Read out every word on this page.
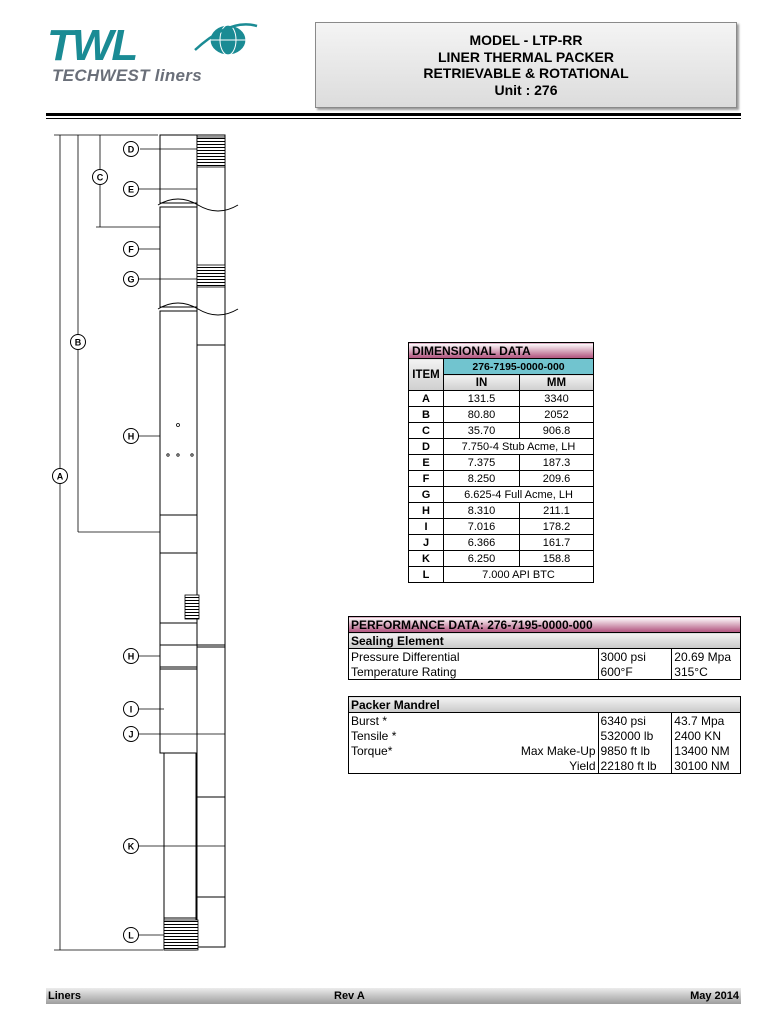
TWL
TECHWEST liners
MODEL - LTP-RR
LINER THERMAL PACKER
RETRIEVABLE & ROTATIONAL
Unit : 276
D
C
E
F
G
B
H
A
H
I
J
K
L
DIMENSIONAL DATA		
ITEM	276-7195-0000-000	
	IN	MM
A	131.5	3340
B	80.80	2052
C	35.70	906.8
D	7.750-4 Stub Acme, LH	
E	7.375	187.3
F	8.250	209.6
G	6.625-4 Full Acme, LH	
H	8.310	211.1
I	7.016	178.2
J	6.366	161.7
K	6.250	158.8
L	7.000 API BTC	
PERFORMANCE DATA: 276-7195-0000-000		
Sealing Element		
Pressure Differential	3000 psi	20.69 Mpa
Temperature Rating	600°F	315°C
Packer Mandrel		
Burst *	6340 psi	43.7 Mpa
Tensile *	532000 lb	2400 KN
Torque* Max Make-Up	9850 ft lb	13400 NM

Yield	22180 ft lb	30100 NM
Liners	Rev A	May 2014
